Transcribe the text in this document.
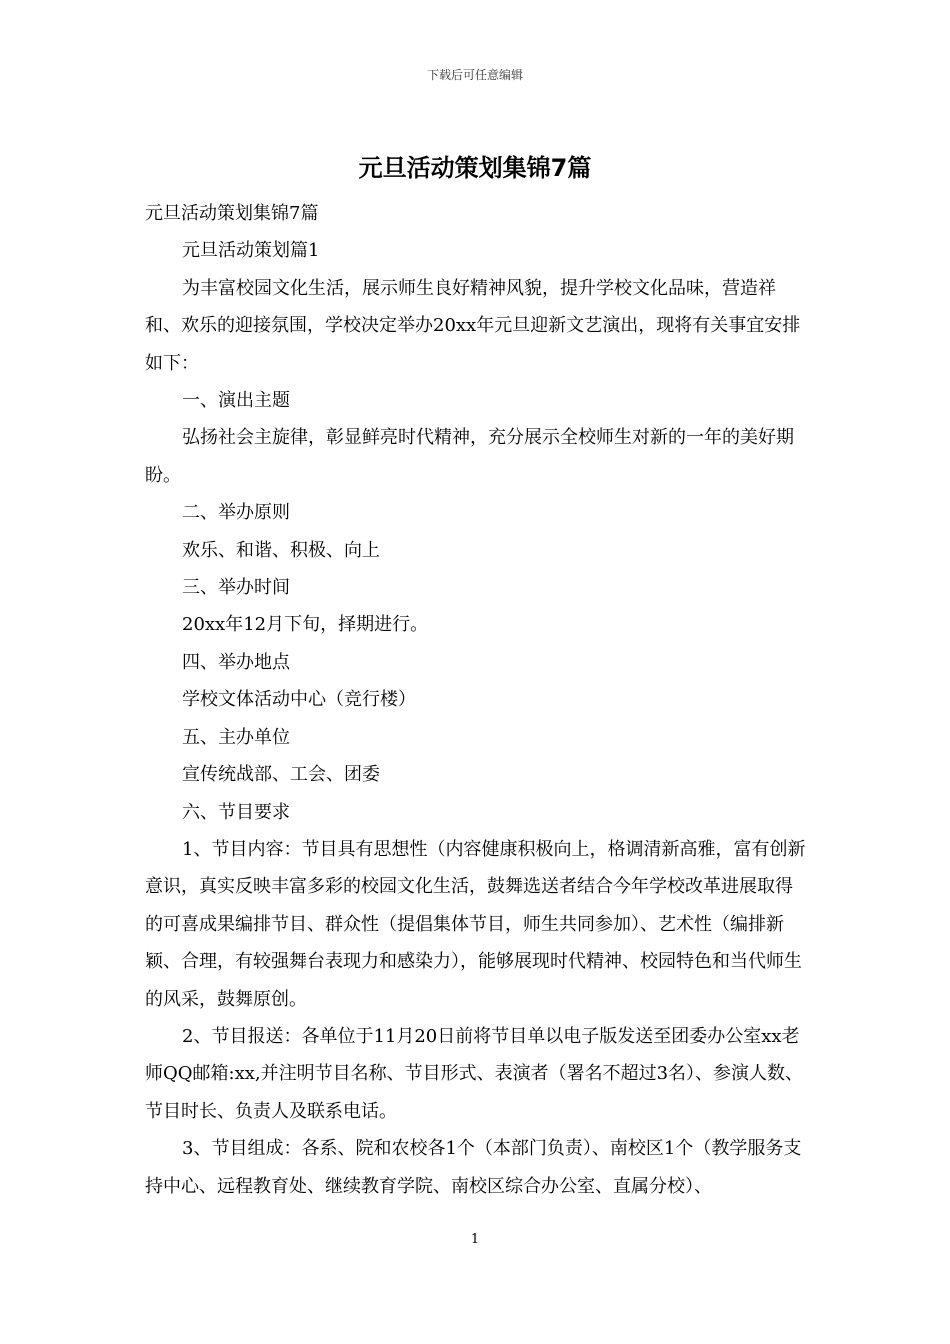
下载后可任意编辑
元旦活动策划集锦7篇

元旦活动策划集锦7篇

元旦活动策划篇1

为丰富校园文化生活，展示师生良好精神风貌，提升学校文化品味，营造祥和、欢乐的迎接氛围，学校决定举办20xx年元旦迎新文艺演出，现将有关事宜安排如下：

一、演出主题

弘扬社会主旋律，彰显鲜亮时代精神，充分展示全校师生对新的一年的美好期盼。

二、举办原则

欢乐、和谐、积极、向上

三、举办时间

20xx年12月下旬，择期进行。

四、举办地点

学校文体活动中心（竞行楼）

五、主办单位

宣传统战部、工会、团委

六、节目要求

1、节目内容：节目具有思想性（内容健康积极向上，格调清新高雅，富有创新意识，真实反映丰富多彩的校园文化生活，鼓舞选送者结合今年学校改革进展取得的可喜成果编排节目、群众性（提倡集体节目，师生共同参加）、艺术性（编排新颖、合理，有较强舞台表现力和感染力），能够展现时代精神、校园特色和当代师生的风采，鼓舞原创。

2、节目报送：各单位于11月20日前将节目单以电子版发送至团委办公室xx老师QQ邮箱:xx,并注明节目名称、节目形式、表演者（署名不超过3名）、参演人数、节目时长、负责人及联系电话。

3、节目组成：各系、院和农校各1个（本部门负责）、南校区1个（教学服务支持中心、远程教育处、继续教育学院、南校区综合办公室、直属分校）、

1
